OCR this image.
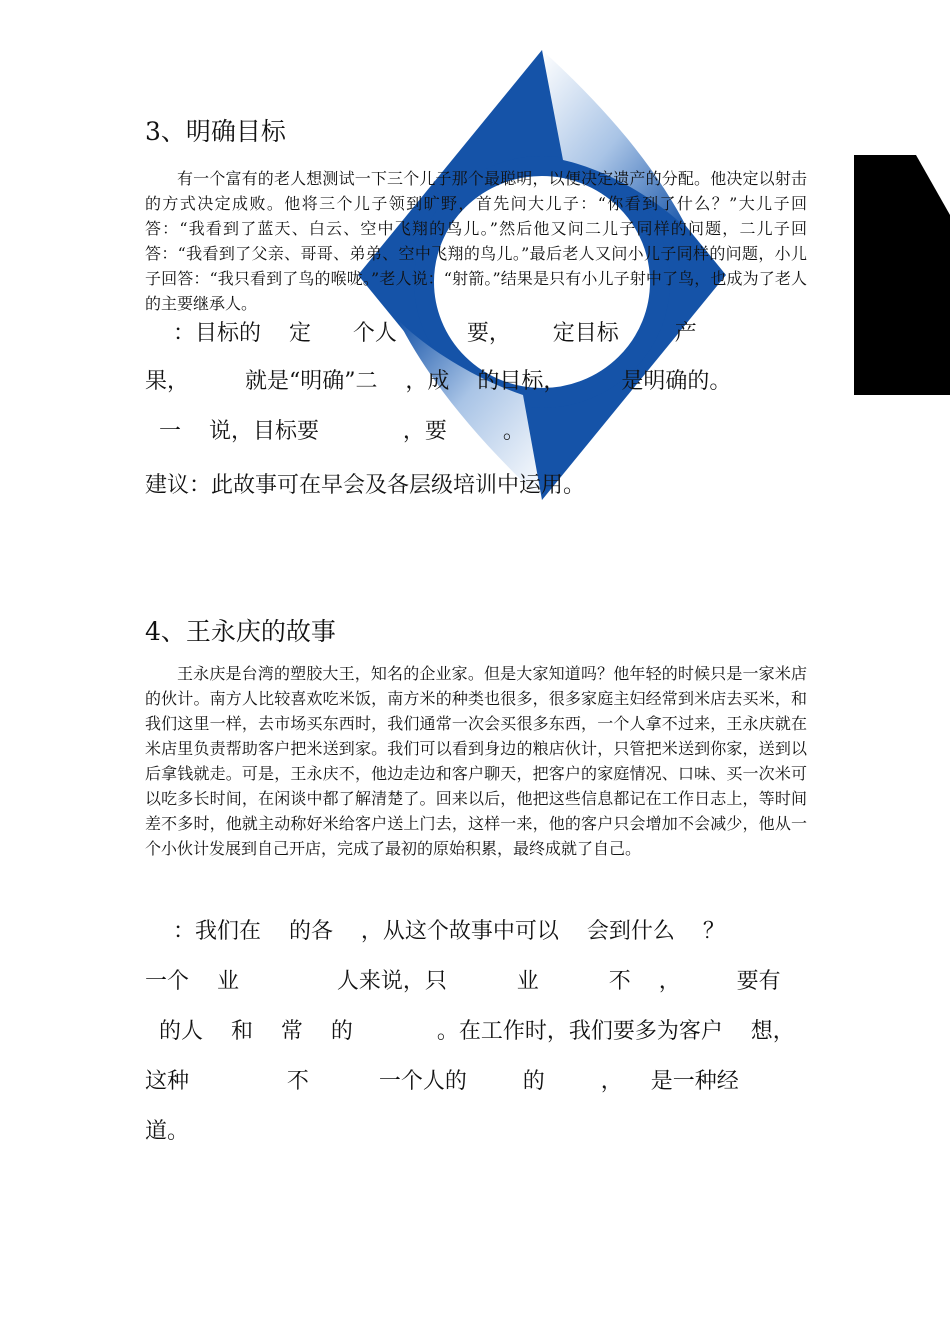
3、明确目标

有一个富有的老人想测试一下三个儿子那个最聪明，以便决定遗产的分配。他决定以射击的方式决定成败。他将三个儿子领到旷野，首先问大儿子：“你看到了什么？”大儿子回答：“我看到了蓝天、白云、空中飞翔的鸟儿。”然后他又问二儿子同样的问题，二儿子回答：“我看到了父亲、哥哥、弟弟、空中飞翔的鸟儿。”最后老人又问小儿子同样的问题，小儿子回答：“我只看到了鸟的喉咙。”老人说：“射箭。”结果是只有小儿子射中了鸟，也成为了老人的主要继承人。

：目标的    定      个人          要，      定目标        产
果，        就是“明确”二    ，成    的目标，        是明确的。
一    说，目标要            ，要        。
建议：此故事可在早会及各层级培训中运用。
4、王永庆的故事

王永庆是台湾的塑胶大王，知名的企业家。但是大家知道吗？他年轻的时候只是一家米店的伙计。南方人比较喜欢吃米饭，南方米的种类也很多，很多家庭主妇经常到米店去买米，和我们这里一样，去市场买东西时，我们通常一次会买很多东西，一个人拿不过来，王永庆就在米店里负责帮助客户把米送到家。我们可以看到身边的粮店伙计，只管把米送到你家，送到以后拿钱就走。可是，王永庆不，他边走边和客户聊天，把客户的家庭情况、口味、买一次米可以吃多长时间，在闲谈中都了解清楚了。回来以后，他把这些信息都记在工作日志上，等时间差不多时，他就主动称好米给客户送上门去，这样一来，他的客户只会增加不会减少，他从一个小伙计发展到自己开店，完成了最初的原始积累，最终成就了自己。

：我们在    的各    ，从这个故事中可以    会到什么    ？
一个    业              人来说，只          业          不    ，        要有
的人    和    常    的            。在工作时，我们要多为客户    想，
这种              不          一个人的        的        ，    是一种经
道。
